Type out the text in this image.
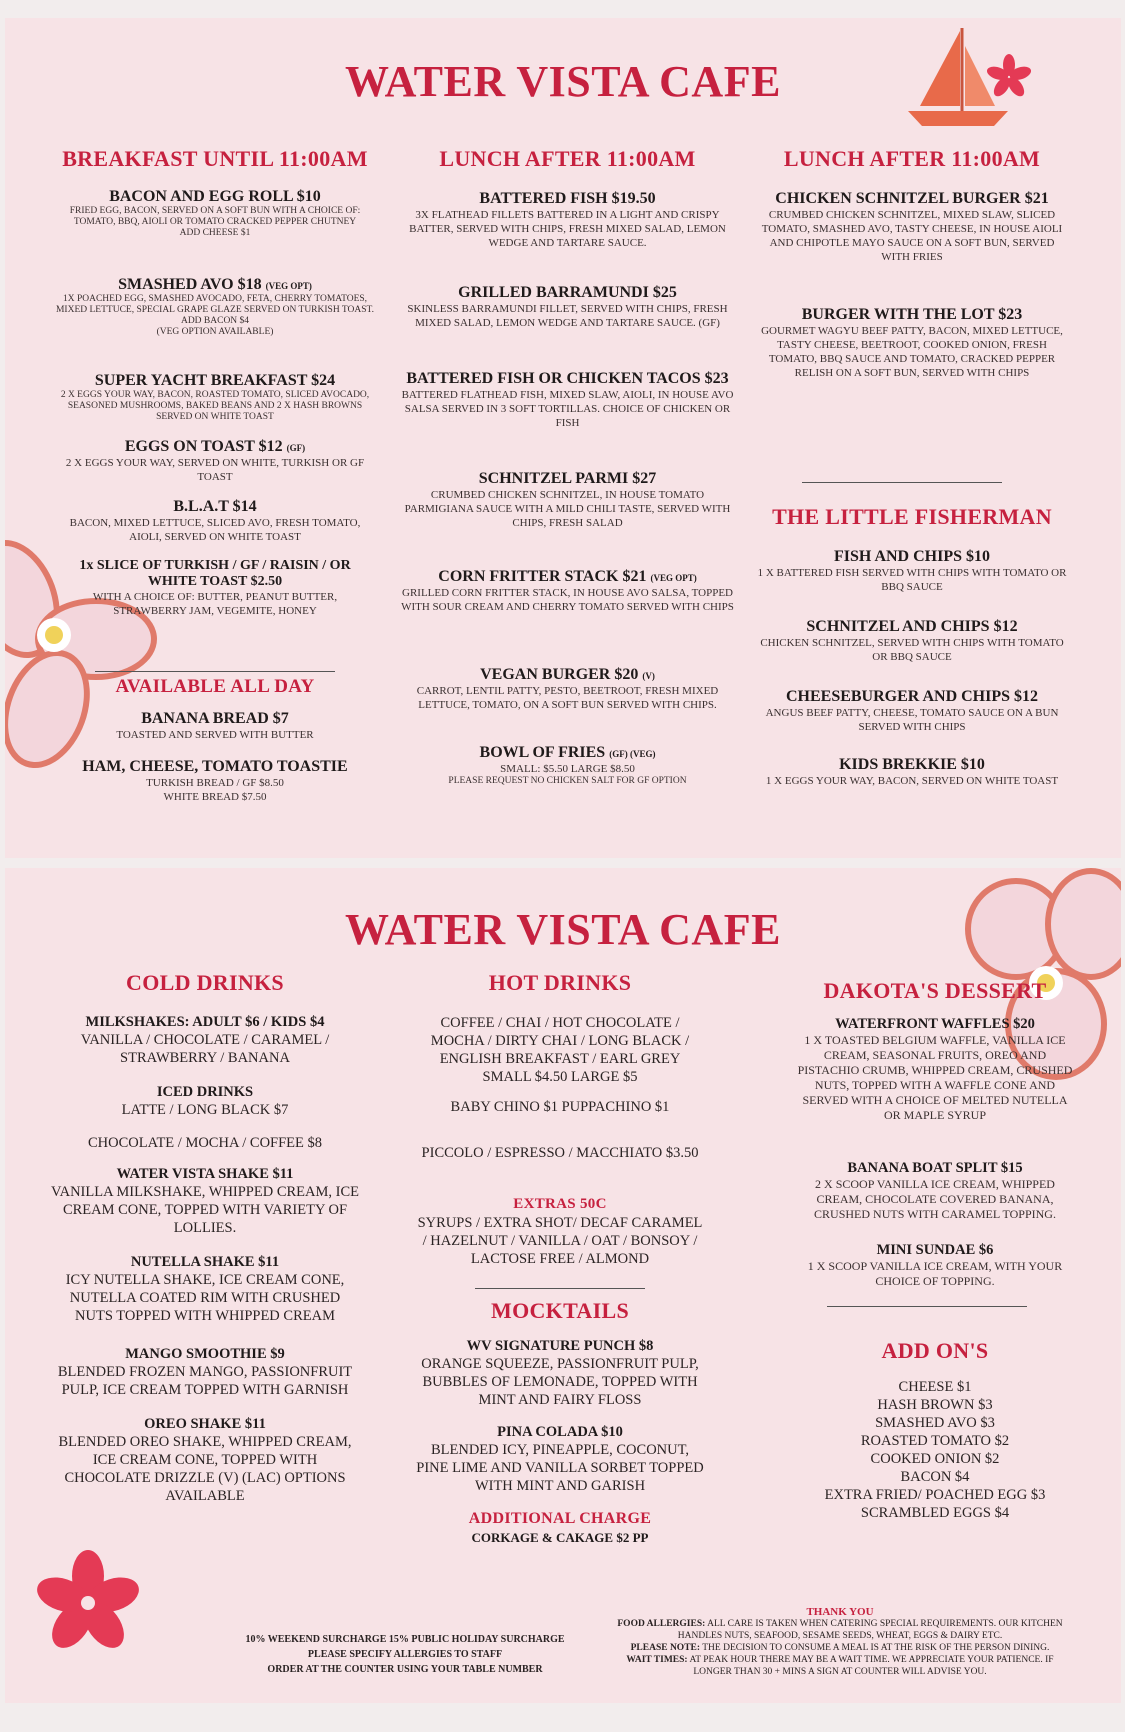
WATER VISTA CAFE
BREAKFAST UNTIL 11:00AM
BACON AND EGG ROLL $10
FRIED EGG, BACON, SERVED ON A SOFT BUN WITH A CHOICE OF: TOMATO, BBQ, AIOLI OR TOMATO CRACKED PEPPER CHUTNEY
ADD CHEESE $1
SMASHED AVO $18 (VEG OPT)
1X POACHED EGG, SMASHED AVOCADO, FETA, CHERRY TOMATOES, MIXED LETTUCE, SPECIAL GRAPE GLAZE SERVED ON TURKISH TOAST.
ADD BACON $4
(VEG OPTION AVAILABLE)
SUPER YACHT BREAKFAST $24
2 X EGGS YOUR WAY, BACON, ROASTED TOMATO, SLICED AVOCADO, SEASONED MUSHROOMS, BAKED BEANS AND 2 X HASH BROWNS SERVED ON WHITE TOAST
EGGS ON TOAST $12 (GF)
2 X EGGS YOUR WAY, SERVED ON WHITE, TURKISH OR GF TOAST
B.L.A.T $14
BACON, MIXED LETTUCE, SLICED AVO, FRESH TOMATO, AIOLI, SERVED ON WHITE TOAST
1x SLICE OF TURKISH / GF / RAISIN / OR WHITE TOAST $2.50
WITH A CHOICE OF: BUTTER, PEANUT BUTTER, STRAWBERRY JAM, VEGEMITE, HONEY
AVAILABLE ALL DAY
BANANA BREAD $7
TOASTED AND SERVED WITH BUTTER
HAM, CHEESE, TOMATO TOASTIE
TURKISH BREAD / GF $8.50
WHITE BREAD $7.50
LUNCH AFTER 11:00AM
BATTERED FISH $19.50
3X FLATHEAD FILLETS BATTERED IN A LIGHT AND CRISPY BATTER, SERVED WITH CHIPS, FRESH MIXED SALAD, LEMON WEDGE AND TARTARE SAUCE.
GRILLED BARRAMUNDI $25
SKINLESS BARRAMUNDI FILLET, SERVED WITH CHIPS, FRESH MIXED SALAD, LEMON WEDGE AND TARTARE SAUCE. (GF)
BATTERED FISH OR CHICKEN TACOS $23
BATTERED FLATHEAD FISH, MIXED SLAW, AIOLI, IN HOUSE AVO SALSA SERVED IN 3 SOFT TORTILLAS. CHOICE OF CHICKEN OR FISH
SCHNITZEL PARMI $27
CRUMBED CHICKEN SCHNITZEL, IN HOUSE TOMATO PARMIGIANA SAUCE WITH A MILD CHILI TASTE, SERVED WITH CHIPS, FRESH SALAD
CORN FRITTER STACK $21 (VEG OPT)
GRILLED CORN FRITTER STACK, IN HOUSE AVO SALSA, TOPPED WITH SOUR CREAM AND CHERRY TOMATO SERVED WITH CHIPS
VEGAN BURGER $20 (V)
CARROT, LENTIL PATTY, PESTO, BEETROOT, FRESH MIXED LETTUCE, TOMATO, ON A SOFT BUN SERVED WITH CHIPS.
BOWL OF FRIES (GF) (VEG)
SMALL: $5.50 LARGE $8.50
PLEASE REQUEST NO CHICKEN SALT FOR GF OPTION
LUNCH AFTER 11:00AM
CHICKEN SCHNITZEL BURGER $21
CRUMBED CHICKEN SCHNITZEL, MIXED SLAW, SLICED TOMATO, SMASHED AVO, TASTY CHEESE, IN HOUSE AIOLI AND CHIPOTLE MAYO SAUCE ON A SOFT BUN, SERVED WITH FRIES
BURGER WITH THE LOT $23
GOURMET WAGYU BEEF PATTY, BACON, MIXED LETTUCE, TASTY CHEESE, BEETROOT, COOKED ONION, FRESH TOMATO, BBQ SAUCE AND TOMATO, CRACKED PEPPER RELISH ON A SOFT BUN, SERVED WITH CHIPS
THE LITTLE FISHERMAN
FISH AND CHIPS $10
1 X BATTERED FISH SERVED WITH CHIPS WITH TOMATO OR BBQ SAUCE
SCHNITZEL AND CHIPS $12
CHICKEN SCHNITZEL, SERVED WITH CHIPS WITH TOMATO OR BBQ SAUCE
CHEESEBURGER AND CHIPS $12
ANGUS BEEF PATTY, CHEESE, TOMATO SAUCE ON A BUN SERVED WITH CHIPS
KIDS BREKKIE $10
1 X EGGS YOUR WAY, BACON, SERVED ON WHITE TOAST
WATER VISTA CAFE
COLD DRINKS
MILKSHAKES: ADULT $6 / KIDS $4
VANILLA / CHOCOLATE / CARAMEL / STRAWBERRY / BANANA
ICED DRINKS
LATTE / LONG BLACK $7
CHOCOLATE / MOCHA / COFFEE $8
WATER VISTA SHAKE $11
VANILLA MILKSHAKE, WHIPPED CREAM, ICE CREAM CONE, TOPPED WITH VARIETY OF LOLLIES.
NUTELLA SHAKE $11
ICY NUTELLA SHAKE, ICE CREAM CONE, NUTELLA COATED RIM WITH CRUSHED NUTS TOPPED WITH WHIPPED CREAM
MANGO SMOOTHIE $9
BLENDED FROZEN MANGO, PASSIONFRUIT PULP, ICE CREAM TOPPED WITH GARNISH
OREO SHAKE $11
BLENDED OREO SHAKE, WHIPPED CREAM, ICE CREAM CONE, TOPPED WITH CHOCOLATE DRIZZLE (V) (LAC) OPTIONS AVAILABLE
HOT DRINKS
COFFEE / CHAI / HOT CHOCOLATE / MOCHA / DIRTY CHAI / LONG BLACK / ENGLISH BREAKFAST / EARL GREY SMALL $4.50 LARGE $5
BABY CHINO $1 PUPPACHINO $1
PICCOLO / ESPRESSO / MACCHIATO $3.50
EXTRAS 50C
SYRUPS / EXTRA SHOT/ DECAF CARAMEL / HAZELNUT / VANILLA / OAT / BONSOY / LACTOSE FREE / ALMOND
MOCKTAILS
WV SIGNATURE PUNCH $8
ORANGE SQUEEZE, PASSIONFRUIT PULP, BUBBLES OF LEMONADE, TOPPED WITH MINT AND FAIRY FLOSS
PINA COLADA $10
BLENDED ICY, PINEAPPLE, COCONUT, PINE LIME AND VANILLA SORBET TOPPED WITH MINT AND GARISH
ADDITIONAL CHARGE
CORKAGE & CAKAGE $2 PP
DAKOTA'S DESSERT
WATERFRONT WAFFLES $20
1 X TOASTED BELGIUM WAFFLE, VANILLA ICE CREAM, SEASONAL FRUITS, OREO AND PISTACHIO CRUMB, WHIPPED CREAM, CRUSHED NUTS, TOPPED WITH A WAFFLE CONE AND SERVED WITH A CHOICE OF MELTED NUTELLA OR MAPLE SYRUP
BANANA BOAT SPLIT $15
2 X SCOOP VANILLA ICE CREAM, WHIPPED CREAM, CHOCOLATE COVERED BANANA, CRUSHED NUTS WITH CARAMEL TOPPING.
MINI SUNDAE $6
1 X SCOOP VANILLA ICE CREAM, WITH YOUR CHOICE OF TOPPING.
ADD ON'S
CHEESE $1
HASH BROWN $3
SMASHED AVO $3
ROASTED TOMATO $2
COOKED ONION $2
BACON $4
EXTRA FRIED/ POACHED EGG $3
SCRAMBLED EGGS $4
10% WEEKEND SURCHARGE 15% PUBLIC HOLIDAY SURCHARGE
PLEASE SPECIFY ALLERGIES TO STAFF
ORDER AT THE COUNTER USING YOUR TABLE NUMBER
THANK YOU
FOOD ALLERGIES: ALL CARE IS TAKEN WHEN CATERING SPECIAL REQUIREMENTS. OUR KITCHEN HANDLES NUTS, SEAFOOD, SESAME SEEDS, WHEAT, EGGS & DAIRY ETC.
PLEASE NOTE: THE DECISION TO CONSUME A MEAL IS AT THE RISK OF THE PERSON DINING.
WAIT TIMES: AT PEAK HOUR THERE MAY BE A WAIT TIME. WE APPRECIATE YOUR PATIENCE. IF LONGER THAN 30 + MINS A SIGN AT COUNTER WILL ADVISE YOU.
